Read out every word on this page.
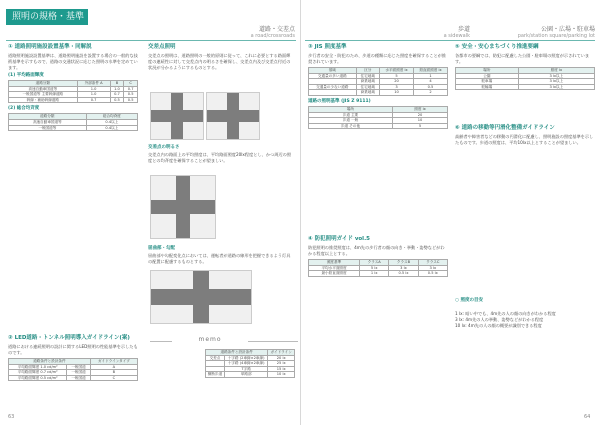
照明の規格・基準
道路・交差点
a road/crossroads
歩道
a sidewalk
公園・広場・駐車場
park/station square/parking lot
① 道路照明施設設置基準・同解説

道路照明施設設置基準は、道路照明施設を設置する場合の一般的な技術基準を示すもので、道路の交通状況に応じた照明の水準を定めています。

(1) 平均路面輝度
道路分類	外部条件 A	B	C
高速自動車国道等	1.0	1.0	0.7
一般国道等 主要幹線道路	1.0	0.7	0.5
幹線・補助幹線道路	0.7	0.5	0.5
(2) 総合均斉度
道路分類	総合均斉度
高速自動車国道等	0.4以上
一般国道等	0.4以上
② LED道路・トンネル照明導入ガイドライン(案)

道路における連続照明の設計に関するLED照明の性能基準を示したものです。

道路条件と設計条件		ガイドラインタイプ
平均路面輝度 1.0 cd/m²	一般国道	A
平均路面輝度 0.7 cd/m²	一般国道	B
平均路面輝度 0.5 cd/m²	一般国道	C
交差点照明

交差点の照明は、道路照明の一般的原則に従って、これに必要とする路面輝度の連続性に対して交差点内の明るさを確保し、交差点内及び交差点付近の状況が分かるようにするものとする。

交差点の明るさ

交差点内の路面上の平均照度は、平均路面照度20lx程度とし、かつ周辺の照度との均斉度を確保することが望ましい。

屈曲部・勾配

屈曲部や勾配変化点においては、運転者が道路の線形を把握できるよう灯具の配置に配慮するものとする。

③ JIS 照度基準

歩行者の安全・防犯のため、歩道の種類に応じた照度を確保することが推奨されています。

領域	区分	水平面照度 lx	鉛直面照度 lx
交通量の多い道路	住宅地域	5	1
	商業地域	20	4
交通量の少ない道路	住宅地域	3	0.5
	商業地域	10	2
道路の照明基準 (JIS Z 9111)
場所	照度 lx
歩道 主要	20
歩道 一般	10
歩道 その他	5
④ 防犯照明ガイド vol.5

防犯照明の推奨照度は、4m先の歩行者の顔の向き・挙動・姿勢などがわかる程度以上とする。

照度基準	クラスA	クラスB	クラスC
平均水平面照度	5 lx	3 lx	3 lx
最小鉛直面照度	1 lx	0.5 lx	0.5 lx
memo
道路条件と設計条件		ガイドライン
交差点	十字路 (2車線×2車線)	20 lx
	十字路 (4車線×2車線)	25 lx
	T字路	15 lx
横断歩道	単路部	10 lx
⑤ 安全・安心まちづくり推進要綱

各都市の要綱では、防犯に配慮した公園・駐車場の照度が示されています。

場所	照度 lx
公園	3 lx以上
駐車場	3 lx以上
駐輪場	3 lx以上
⑥ 道路の移動等円滑化整備ガイドライン

高齢者や障害者などの移動の円滑化に配慮し、照明施設の照度基準を示したものです。歩道の照度は、平均10lx以上とすることが望ましい。

○ 照度の目安

1 lx: 暗い中でも、4m先の人の顔の向きがわかる程度
3 lx: 4m先の人の挙動、姿勢などがわかる程度
10 lx: 4m先の人の顔の概要が識別できる程度

63	64
